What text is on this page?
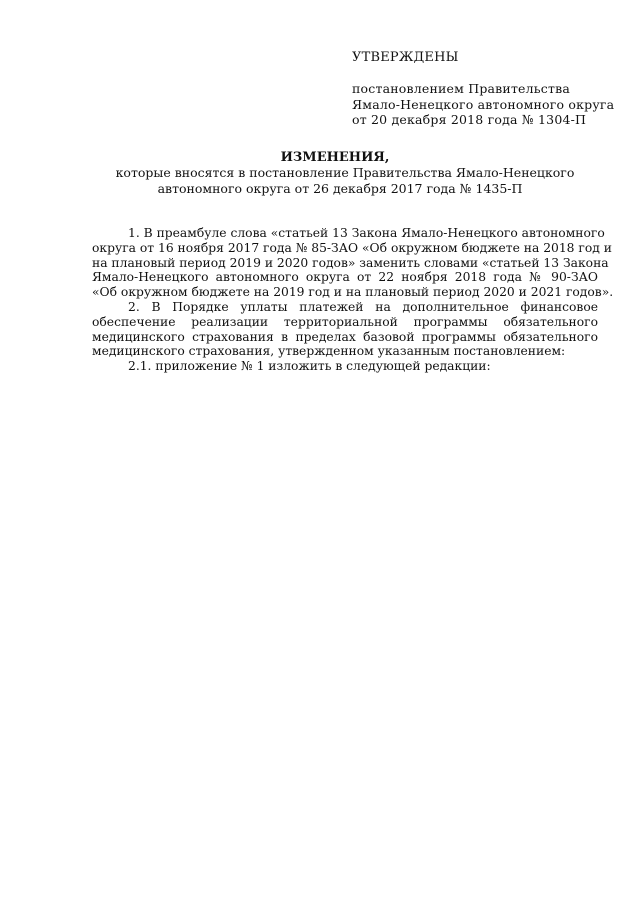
УТВЕРЖДЕНЫ
постановлением Правительства
Ямало-Ненецкого автономного округа
от 20 декабря 2018 года № 1304-П
ИЗМЕНЕНИЯ,
которые вносятся в постановление Правительства Ямало-Ненецкого
автономного округа от 26 декабря 2017 года № 1435-П
1. В преамбуле слова «статьей 13 Закона Ямало-Ненецкого автономного
округа от 16 ноября 2017 года № 85-ЗАО «Об окружном бюджете на 2018 год и
на плановый период 2019 и 2020 годов» заменить словами «статьей 13 Закона
Ямало-Ненецкого автономного округа от 22 ноября 2018 года № 90-ЗАО
«Об окружном бюджете на 2019 год и на плановый период 2020 и 2021 годов».
2. В Порядке уплаты платежей на дополнительное финансовое
обеспечение реализации территориальной программы обязательного
медицинского страхования в пределах базовой программы обязательного
медицинского страхования, утвержденном указанным постановлением:
2.1. приложение № 1 изложить в следующей редакции:
